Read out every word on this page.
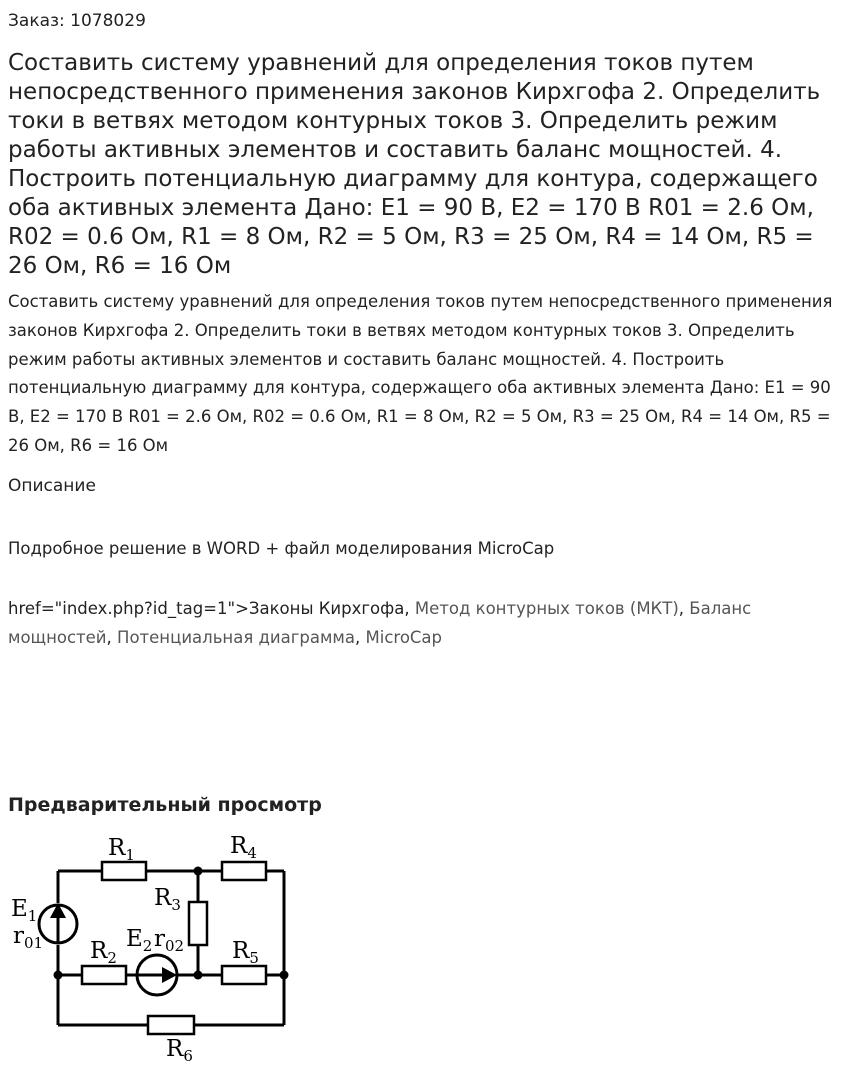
Заказ: 1078029
Составить систему уравнений для определения токов путем непосредственного применения законов Кирхгофа 2. Определить токи в ветвях методом контурных токов 3. Определить режим работы активных элементов и составить баланс мощностей. 4. Построить потенциальную диаграмму для контура, содержащего оба активных элемента Дано: E1 = 90 В, E2 = 170 В R01 = 2.6 Ом, R02 = 0.6 Ом, R1 = 8 Ом, R2 = 5 Ом, R3 = 25 Ом, R4 = 14 Ом, R5 = 26 Ом, R6 = 16 Ом

Составить систему уравнений для определения токов путем непосредственного применения законов Кирхгофа 2. Определить токи в ветвях методом контурных токов 3. Определить режим работы активных элементов и составить баланс мощностей. 4. Построить потенциальную диаграмму для контура, содержащего оба активных элемента Дано: E1 = 90 В, E2 = 170 В R01 = 2.6 Ом, R02 = 0.6 Ом, R1 = 8 Ом, R2 = 5 Ом, R3 = 25 Ом, R4 = 14 Ом, R5 = 26 Ом, R6 = 16 Ом

Описание
Подробное решение в WORD + файл моделирования MicroCap
href="index.php?id_tag=1">Законы Кирхгофа, Метод контурных токов (МКТ), Баланс мощностей, Потенциальная диаграмма, MicroCap
Предварительный просмотр
$R_1$	$R_4$
$R_3$
$R_2$	$R_5$
$R_6$
$E_1$
$r_{01}$	$E_2$ $r_{02}$
